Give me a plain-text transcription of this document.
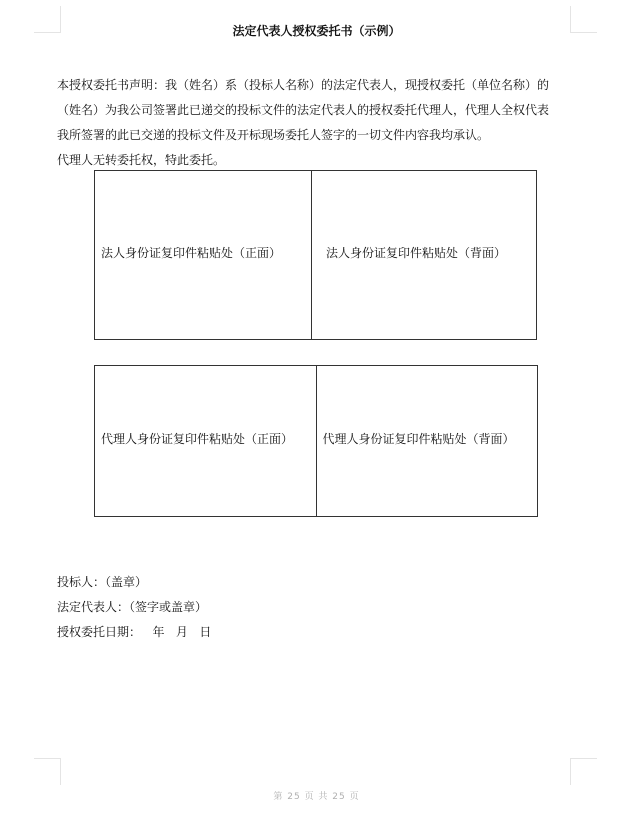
法定代表人授权委托书（示例）

本授权委托书声明：我（姓名）系（投标人名称）的法定代表人，现授权委托（单位名称）的
（姓名）为我公司签署此已递交的投标文件的法定代表人的授权委托代理人，代理人全权代表
我所签署的此已交递的投标文件及开标现场委托人签字的一切文件内容我均承认。
代理人无转委托权，特此委托。

法人身份证复印件粘贴处（正面）	法人身份证复印件粘贴处（背面）
代理人身份证复印件粘贴处（正面）	代理人身份证复印件粘贴处（背面）
投标人：（盖章）
法定代表人：（签字或盖章）
授权委托日期：   年   月   日
第 25 页 共 25 页
